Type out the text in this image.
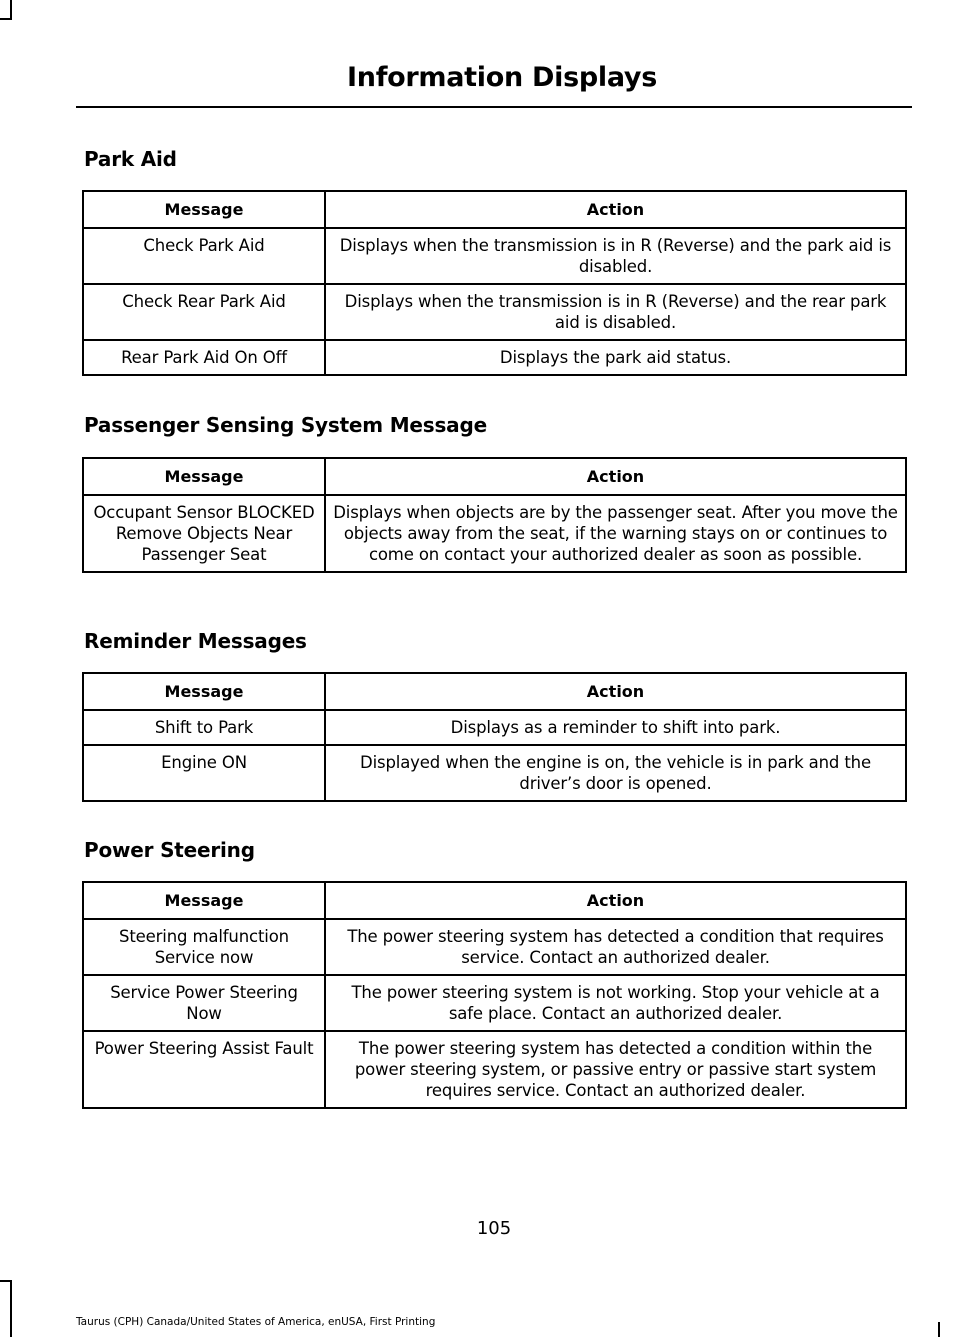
Information Displays
Park Aid
Message	Action
Check Park Aid	Displays when the transmission is in R (Reverse) and the park aid is disabled.
Check Rear Park Aid	Displays when the transmission is in R (Reverse) and the rear park aid is disabled.
Rear Park Aid On Off	Displays the park aid status.
Passenger Sensing System Message
Message	Action
Occupant Sensor BLOCKED Remove Objects Near Passenger Seat	Displays when objects are by the passenger seat. After you move the objects away from the seat, if the warning stays on or continues to come on contact your authorized dealer as soon as possible.
Reminder Messages
Message	Action
Shift to Park	Displays as a reminder to shift into park.
Engine ON	Displayed when the engine is on, the vehicle is in park and the driver’s door is opened.
Power Steering
Message	Action
Steering malfunction Service now	The power steering system has detected a condition that requires service. Contact an authorized dealer.
Service Power Steering Now	The power steering system is not working. Stop your vehicle at a safe place. Contact an authorized dealer.
Power Steering Assist Fault	The power steering system has detected a condition within the power steering system, or passive entry or passive start system requires service. Contact an authorized dealer.
105
Taurus (CPH) Canada/United States of America, enUSA, First Printing
